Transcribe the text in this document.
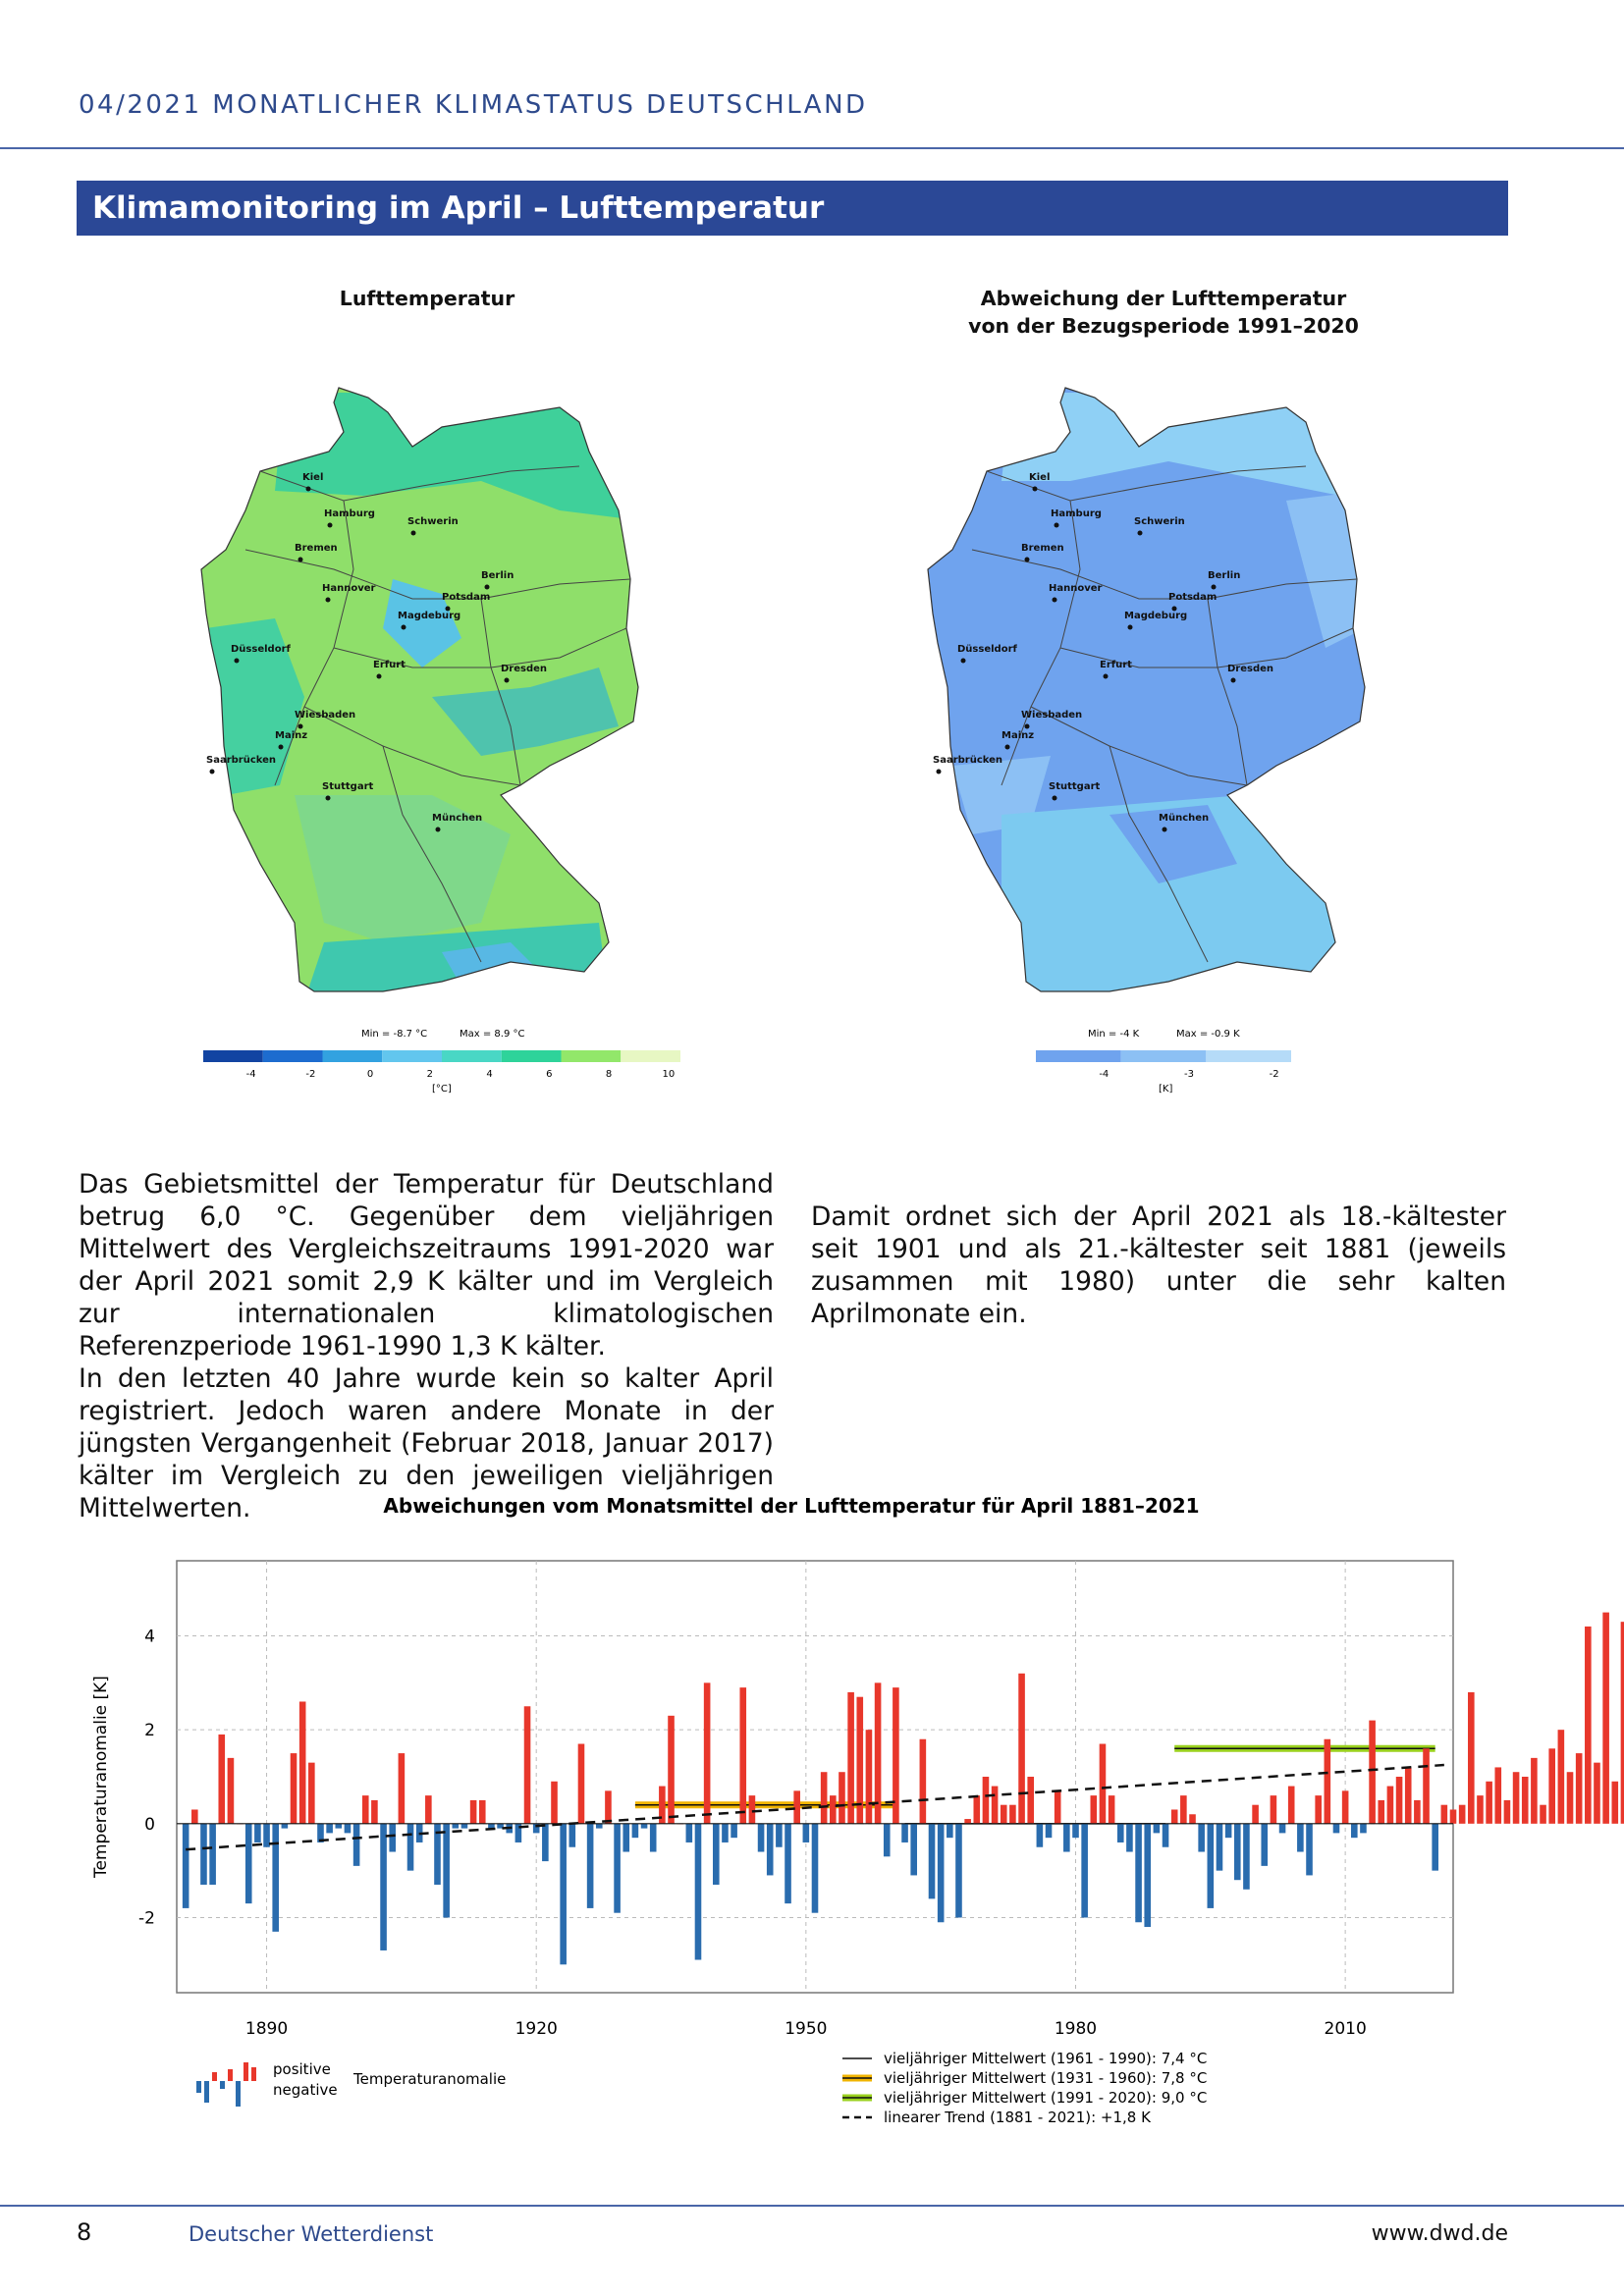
04/2021 MONATLICHER KLIMASTATUS DEUTSCHLAND
Klimamonitoring im April – Lufttemperatur
Lufttemperatur
Kiel
Hamburg
Schwerin
Bremen
Berlin
Hannover
Potsdam
Magdeburg
Düsseldorf
Erfurt	Dresden
Wiesbaden
Mainz
Saarbrücken
Stuttgart
München
Min = -8.7 °C	Max = 8.9 °C
-4	-2	0	2	4	6	8	10
[°C]
Abweichung der Lufttemperatur
von der Bezugsperiode 1991–2020
Kiel
Hamburg
Schwerin
Bremen
Berlin
Hannover
Potsdam
Magdeburg
Düsseldorf
Erfurt	Dresden
Wiesbaden
Mainz
Saarbrücken
Stuttgart
München
Min = -4 K	Max = -0.9 K
-4	-3	-2
[K]

Das Gebietsmittel der Temperatur für Deutschland betrug 6,0 °C. Gegenüber dem vieljährigen Mittelwert des Vergleichszeitraums 1991-2020 war der April 2021 somit 2,9 K kälter und im Vergleich zur internationalen klimatologischen Referenzperiode 1961-1990 1,3 K kälter.

In den letzten 40 Jahre wurde kein so kalter April registriert. Jedoch waren andere Monate in der jüngsten Vergangenheit (Februar 2018, Januar 2017) kälter im Vergleich zu den jeweiligen vieljährigen Mittelwerten.

Damit ordnet sich der April 2021 als 18.-kältester seit 1901 und als 21.-kältester seit 1881 (jeweils zusammen mit 1980) unter die sehr kalten Aprilmonate ein.

Abweichungen vom Monatsmittel der Lufttemperatur für April 1881–2021
-2
0
2
4
1890	1920	1950	1980	2010
Temperaturanomalie [K]
positive
negative
Temperaturanomalie
vieljähriger Mittelwert (1961 - 1990): 7,4 °C
vieljähriger Mittelwert (1931 - 1960): 7,8 °C
vieljähriger Mittelwert (1991 - 2020): 9,0 °C
linearer Trend (1881 - 2021): +1,8 K
8	Deutscher Wetterdienst	www.dwd.de
